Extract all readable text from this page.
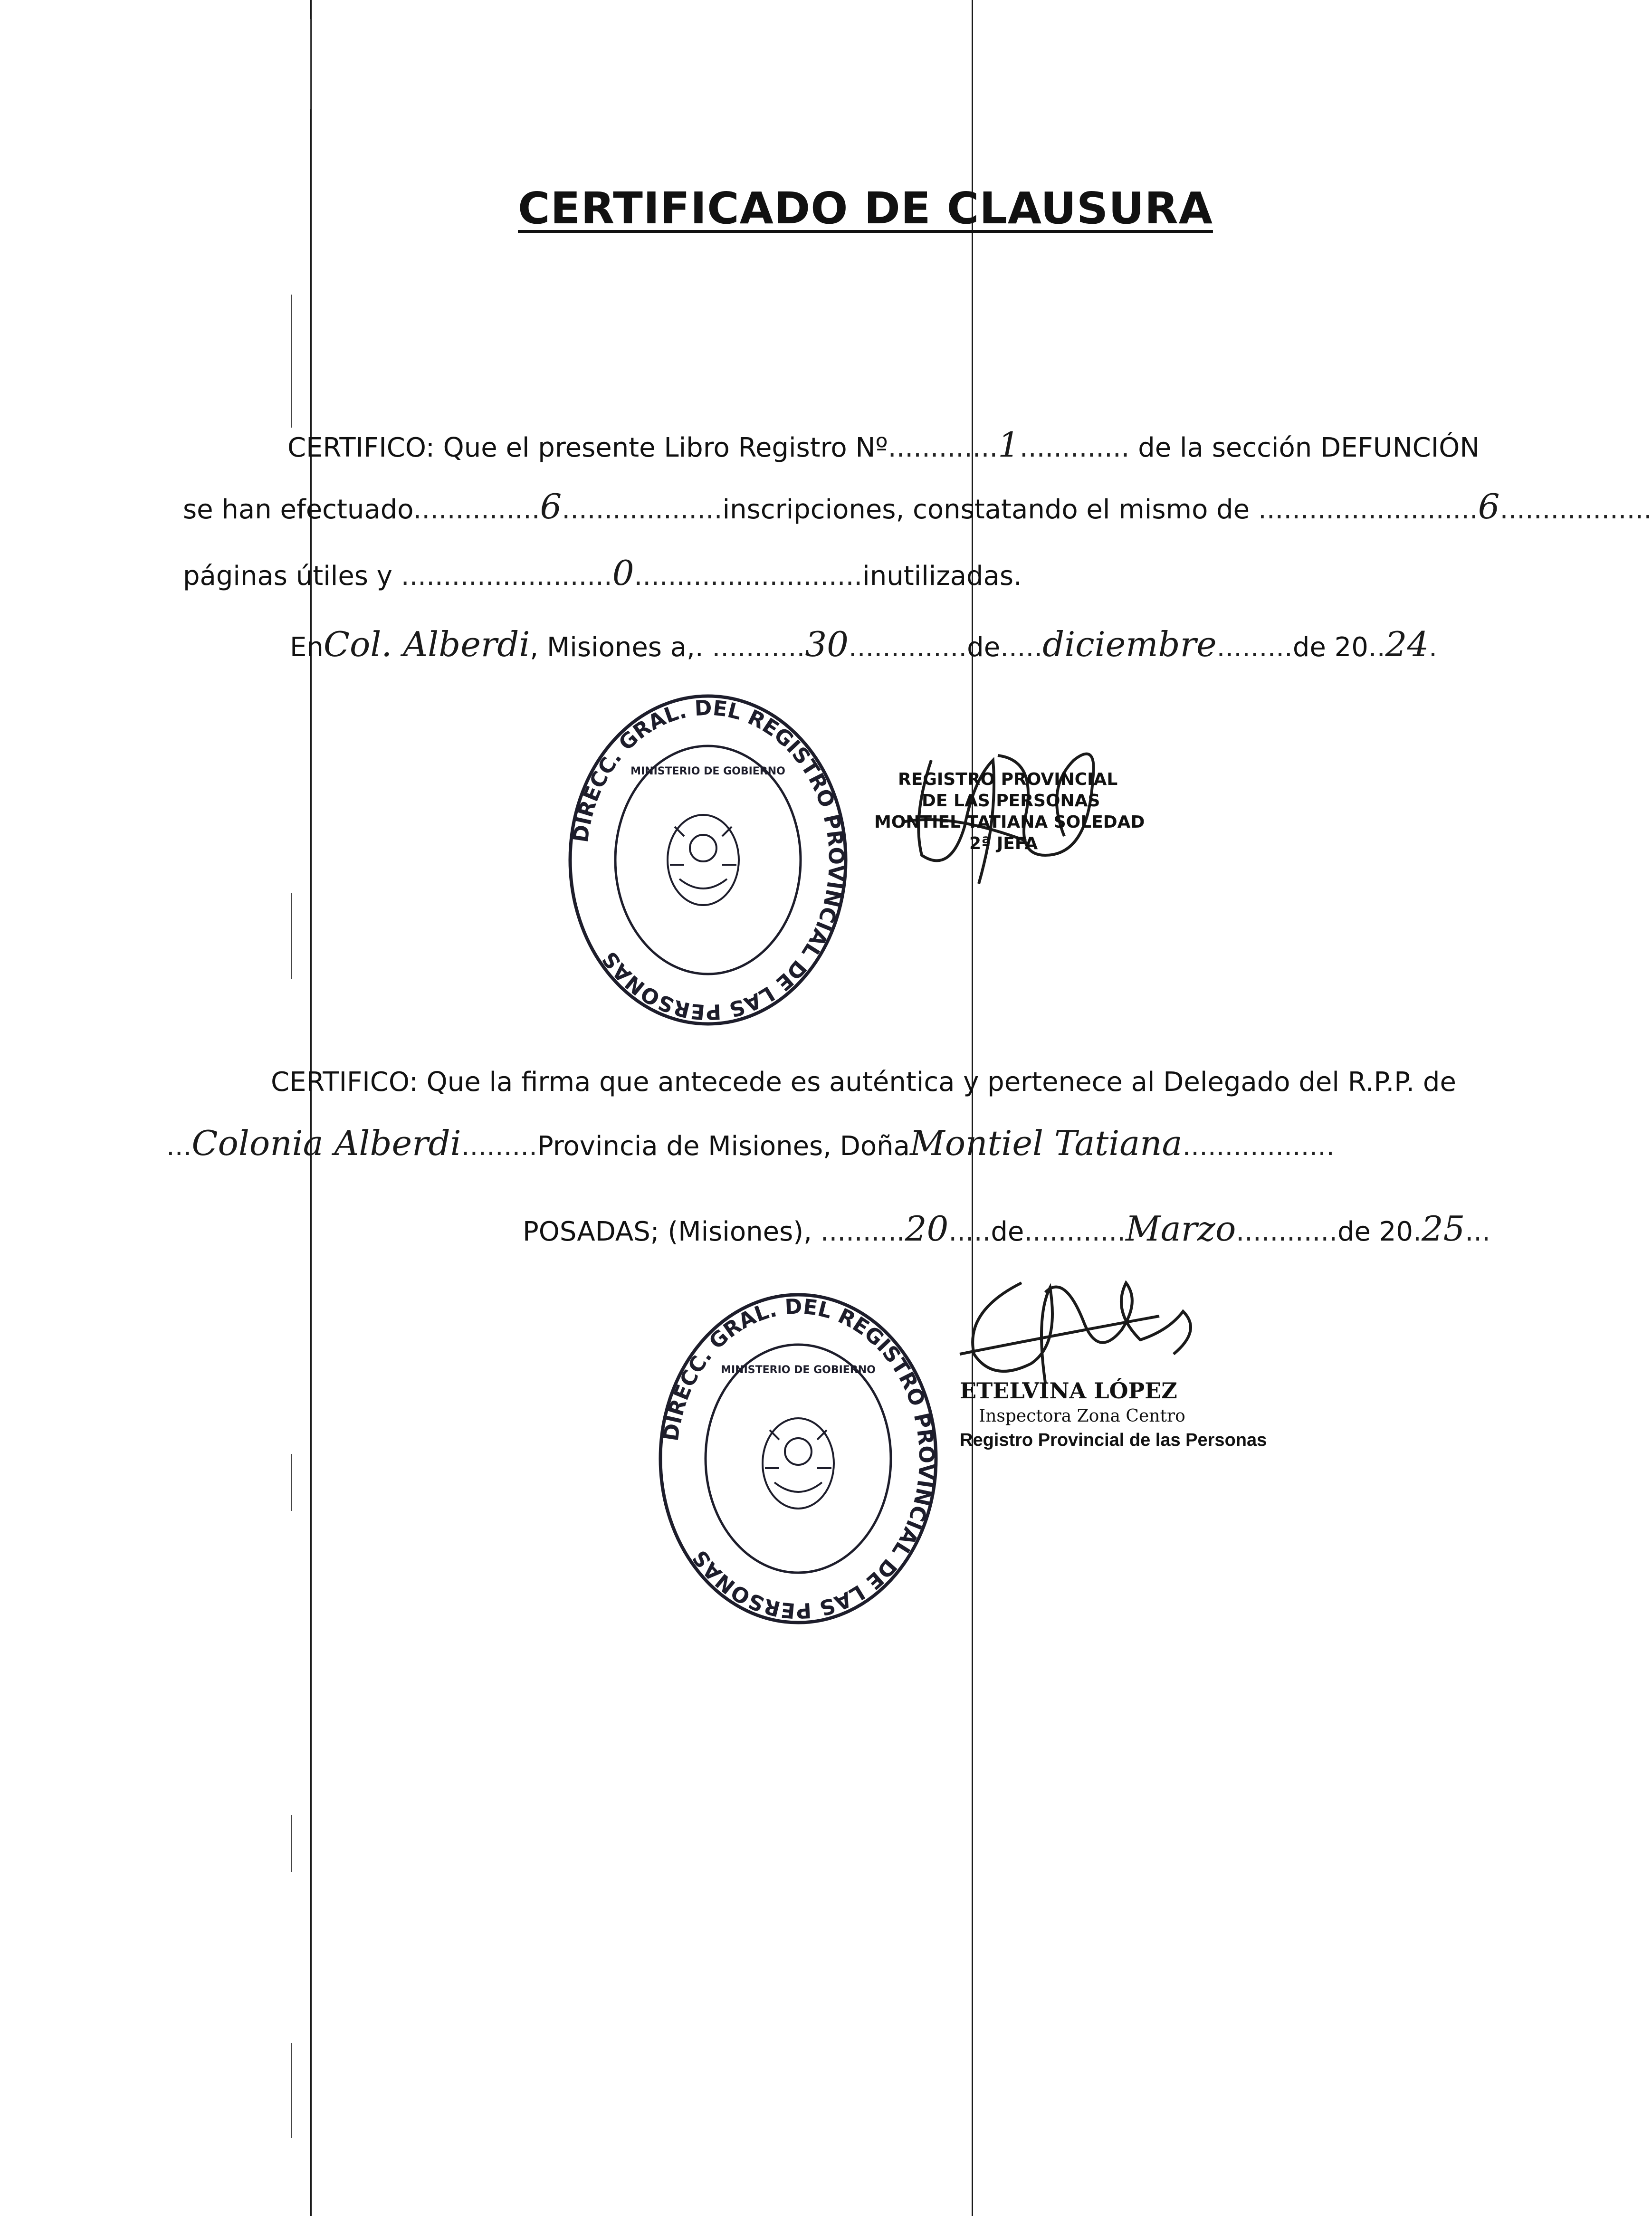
CERTIFICADO DE CLAUSURA
CERTIFICO: Que el presente Libro Registro Nº.............1............. de la sección DEFUNCIÓN
se han efectuado...............6...................inscripciones, constatando el mismo de ..........................6..................
páginas útiles y .........................0...........................inutilizadas.
EnCol. Alberdi, Misiones a,. ...........30..............de.....diciembre.........de 20..24.
DIRECC. GRAL. DEL REGISTRO PROVINCIAL DE LAS PERSONAS
MINISTERIO DE GOBIERNO	REGISTRO PROVINCIAL
DE LAS PERSONAS
MONTIEL TATIANA SOLEDAD
2ª JEFA
CERTIFICO: Que la firma que antecede es auténtica y pertenece al Delegado del R.P.P. de
...Colonia Alberdi.........Provincia de Misiones, DoñaMontiel Tatiana..................
POSADAS; (Misiones), ..........20.....de............Marzo............de 20.25...
DIRECC. GRAL. DEL REGISTRO PROVINCIAL DE LAS PERSONAS
MINISTERIO DE GOBIERNO
ETELVINA LÓPEZ
Inspectora Zona Centro
Registro Provincial de las Personas
